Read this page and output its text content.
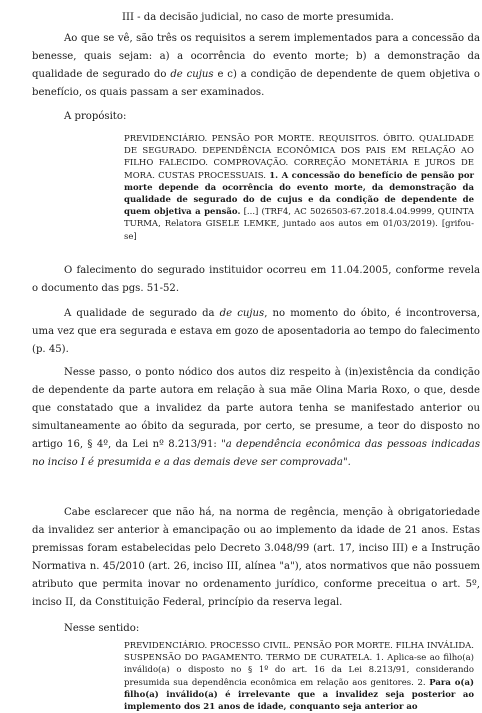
III - da decisão judicial, no caso de morte presumida.

Ao que se vê, são três os requisitos a serem implementados para a concessão da benesse, quais sejam: a) a ocorrência do evento morte; b) a demonstração da qualidade de segurado do de cujus e c) a condição de dependente de quem objetiva o benefício, os quais passam a ser examinados.

A propósito:

PREVIDENCIÁRIO. PENSÃO POR MORTE. REQUISITOS. ÓBITO. QUALIDADE DE SEGURADO. DEPENDÊNCIA ECONÔMICA DOS PAIS EM RELAÇÃO AO FILHO FALECIDO. COMPROVAÇÃO. CORREÇÃO MONETÁRIA E JUROS DE MORA. CUSTAS PROCESSUAIS. 1. A concessão do benefício de pensão por morte depende da ocorrência do evento morte, da demonstração da qualidade de segurado do de cujus e da condição de dependente de quem objetiva a pensão. [...] (TRF4, AC 5026503-67.2018.4.04.9999, QUINTA TURMA, Relatora GISELE LEMKE, juntado aos autos em 01/03/2019). [grifou-se]

O falecimento do segurado instituidor ocorreu em 11.04.2005, conforme revela o documento das pgs. 51-52.

A qualidade de segurado da de cujus, no momento do óbito, é incontroversa, uma vez que era segurada e estava em gozo de aposentadoria ao tempo do falecimento (p. 45).

Nesse passo, o ponto nódico dos autos diz respeito à (in)existência da condição de dependente da parte autora em relação à sua mãe Olina Maria Roxo, o que, desde que constatado que a invalidez da parte autora tenha se manifestado anterior ou simultaneamente ao óbito da segurada, por certo, se presume, a teor do disposto no artigo 16, § 4º, da Lei nº 8.213/91: "a dependência econômica das pessoas indicadas no inciso I é presumida e a das demais deve ser comprovada".

Cabe esclarecer que não há, na norma de regência, menção à obrigatoriedade da invalidez ser anterior à emancipação ou ao implemento da idade de 21 anos. Estas premissas foram estabelecidas pelo Decreto 3.048/99 (art. 17, inciso III) e a Instrução Normativa n. 45/2010 (art. 26, inciso III, alínea "a"), atos normativos que não possuem atributo que permita inovar no ordenamento jurídico, conforme preceitua o art. 5º, inciso II, da Constituição Federal, princípio da reserva legal.

Nesse sentido:

PREVIDENCIÁRIO. PROCESSO CIVIL. PENSÃO POR MORTE. FILHA INVÁLIDA. SUSPENSÃO DO PAGAMENTO. TERMO DE CURATELA. 1. Aplica-se ao filho(a) inválido(a) o disposto no § 1º do art. 16 da Lei 8.213/91, considerando presumida sua dependência econômica em relação aos genitores. 2. Para o(a) filho(a) inválido(a) é irrelevante que a invalidez seja posterior ao implemento dos 21 anos de idade, conquanto seja anterior ao
